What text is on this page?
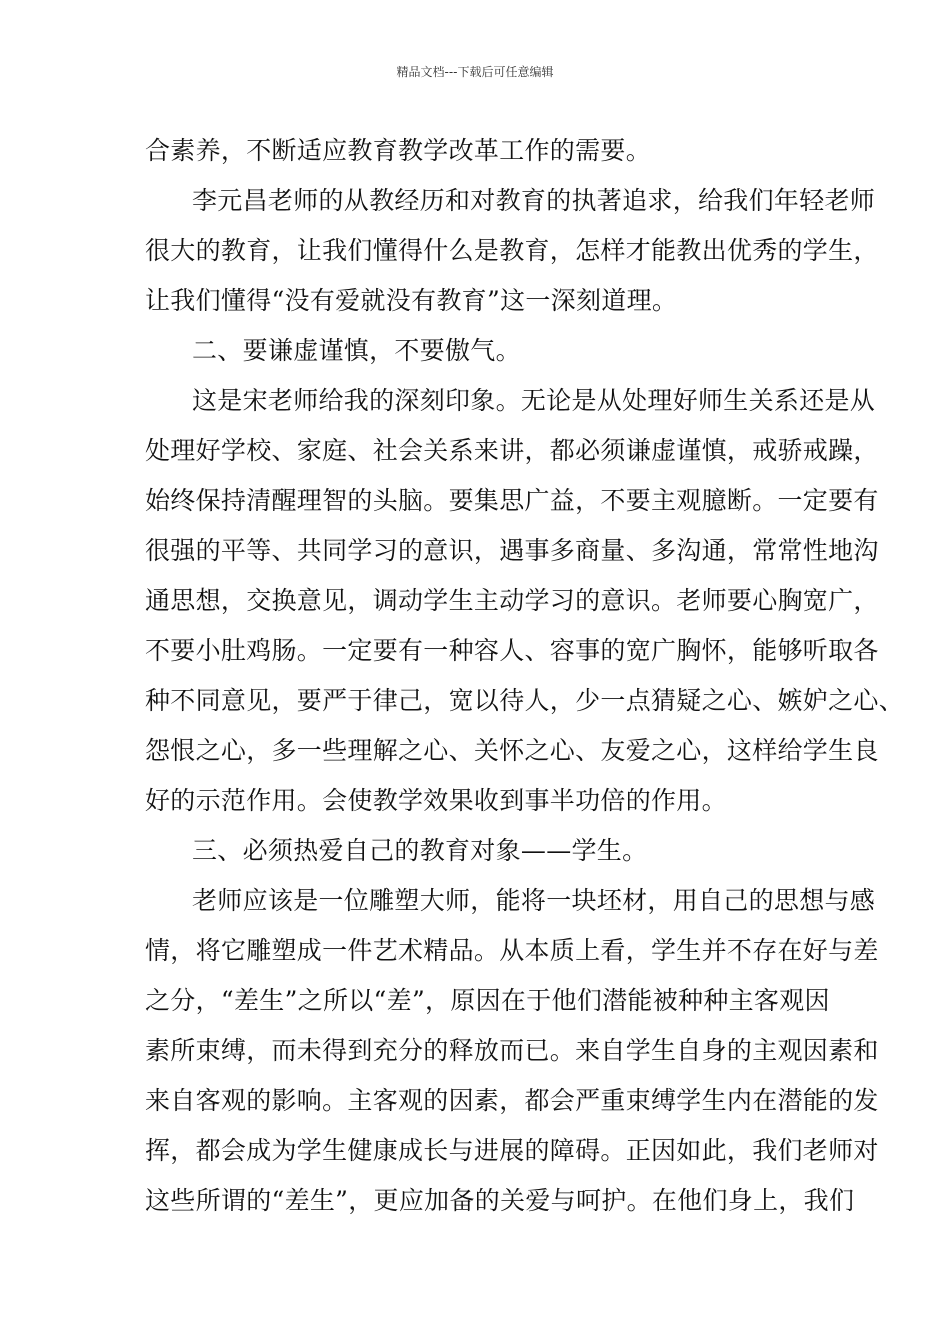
精品文档---下载后可任意编辑
合素养，不断适应教育教学改革工作的需要。
李元昌老师的从教经历和对教育的执著追求，给我们年轻老师
很大的教育，让我们懂得什么是教育，怎样才能教出优秀的学生，
让我们懂得“没有爱就没有教育”这一深刻道理。
二、要谦虚谨慎，不要傲气。
这是宋老师给我的深刻印象。无论是从处理好师生关系还是从
处理好学校、家庭、社会关系来讲，都必须谦虚谨慎，戒骄戒躁，
始终保持清醒理智的头脑。要集思广益，不要主观臆断。一定要有
很强的平等、共同学习的意识，遇事多商量、多沟通，常常性地沟
通思想，交换意见，调动学生主动学习的意识。老师要心胸宽广，
不要小肚鸡肠。一定要有一种容人、容事的宽广胸怀，能够听取各
种不同意见，要严于律己，宽以待人，少一点猜疑之心、嫉妒之心、
怨恨之心，多一些理解之心、关怀之心、友爱之心，这样给学生良
好的示范作用。会使教学效果收到事半功倍的作用。
三、必须热爱自己的教育对象——学生。
老师应该是一位雕塑大师，能将一块坯材，用自己的思想与感
情，将它雕塑成一件艺术精品。从本质上看，学生并不存在好与差
之分，“差生”之所以“差”，原因在于他们潜能被种种主客观因
素所束缚，而未得到充分的释放而已。来自学生自身的主观因素和
来自客观的影响。主客观的因素，都会严重束缚学生内在潜能的发
挥，都会成为学生健康成长与进展的障碍。正因如此，我们老师对
这些所谓的“差生”，更应加备的关爱与呵护。在他们身上，我们
